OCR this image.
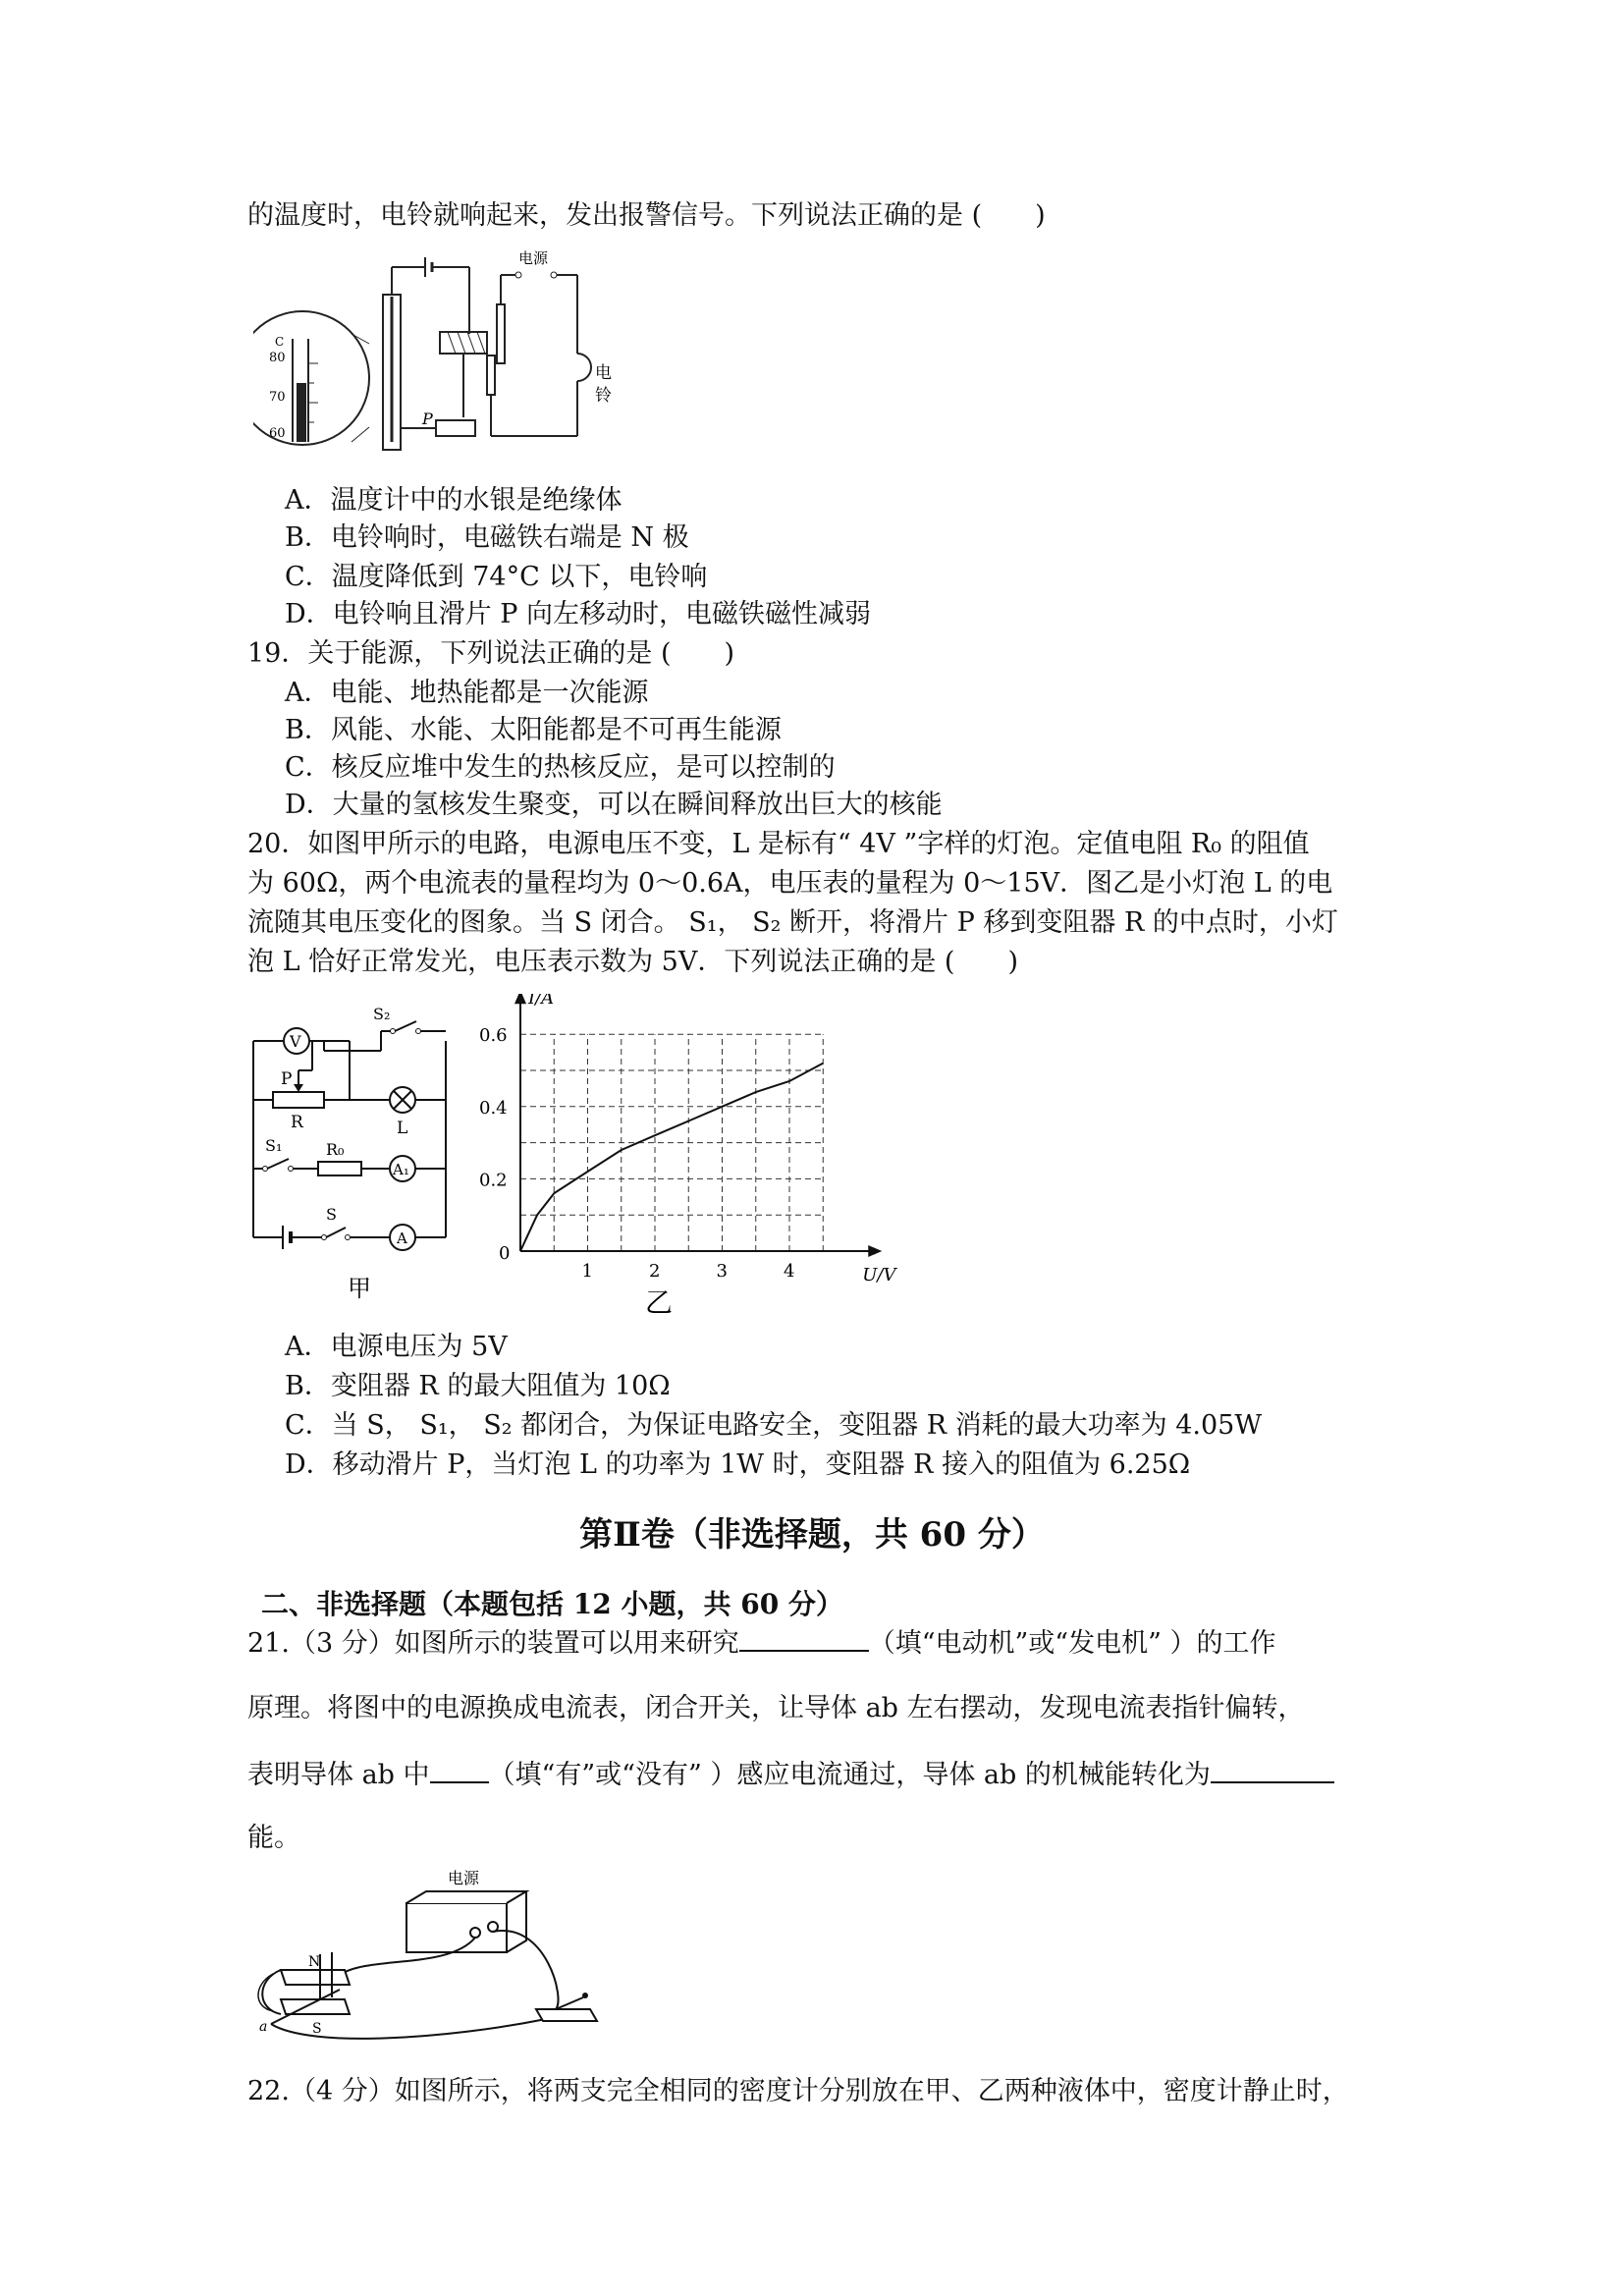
的温度时，电铃就响起来，发出报警信号。下列说法正确的是 (　　)
C
80
70
60
P
电源
电
铃
A．温度计中的水银是绝缘体
B．电铃响时，电磁铁右端是 N 极
C．温度降低到 74°C 以下，电铃响
D．电铃响且滑片 P 向左移动时，电磁铁磁性减弱
19．关于能源，下列说法正确的是 (　　)
A．电能、地热能都是一次能源
B．风能、水能、太阳能都是不可再生能源
C．核反应堆中发生的热核反应，是可以控制的
D．大量的氢核发生聚变，可以在瞬间释放出巨大的核能
20．如图甲所示的电路，电源电压不变，L 是标有“ 4V ”字样的灯泡。定值电阻 R₀ 的阻值
为 60Ω，两个电流表的量程均为 0～0.6A，电压表的量程为 0～15V．图乙是小灯泡 L 的电
流随其电压变化的图象。当 S 闭合。 S₁， S₂ 断开，将滑片 P 移到变阻器 R 的中点时，小灯
泡 L 恰好正常发光，电压表示数为 5V．下列说法正确的是 (　　)
V
S₂
P
R	L
S₁	R₀
A₁
S
A
甲
1	2	3	4
0.2
0.4
0.6
U/V
I/A
0
乙
A．电源电压为 5V
B．变阻器 R 的最大阻值为 10Ω
C．当 S， S₁， S₂ 都闭合，为保证电路安全，变阻器 R 消耗的最大功率为 4.05W
D．移动滑片 P，当灯泡 L 的功率为 1W 时，变阻器 R 接入的阻值为 6.25Ω
第Ⅱ卷（非选择题，共 60 分）
二、非选择题（本题包括 12 小题，共 60 分）
21.（3 分）如图所示的装置可以用来研究	（填“电动机”或“发电机” ）的工作
原理。将图中的电源换成电流表，闭合开关，让导体 ab 左右摆动，发现电流表指针偏转，
表明导体 ab 中 （填“有”或“没有” ）感应电流通过，导体 ab 的机械能转化为
能。
电源
N
S
a
22.（4 分）如图所示，将两支完全相同的密度计分别放在甲、乙两种液体中，密度计静止时，
